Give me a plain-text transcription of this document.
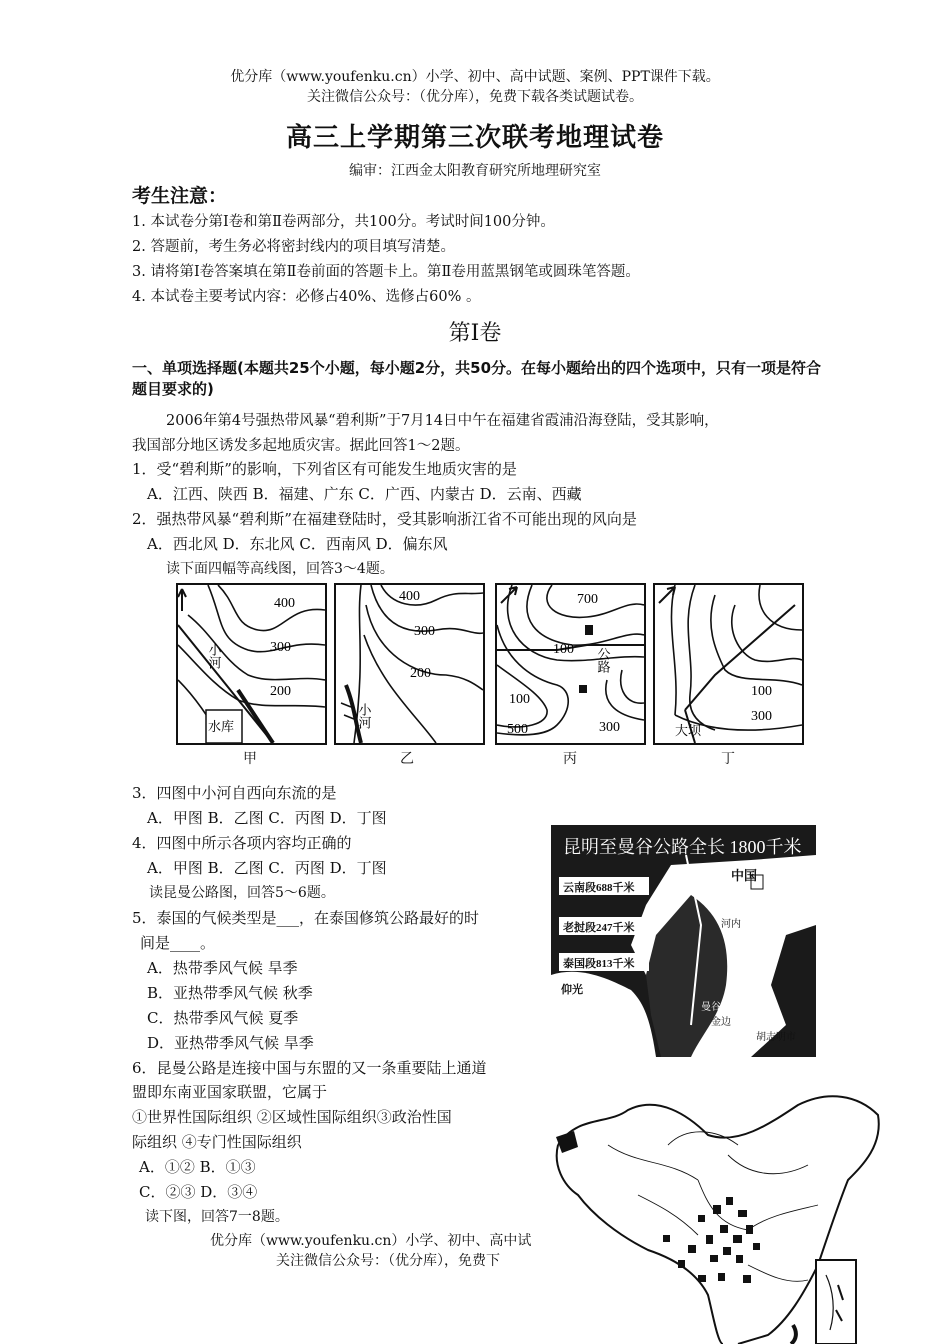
优分库（www.youfenku.cn）小学、初中、高中试题、案例、PPT课件下载。
关注微信公众号：（优分库），免费下载各类试题试卷。
高三上学期第三次联考地理试卷
编审：江西金太阳教育研究所地理研究室
考生注意：
1. 本试卷分第Ⅰ卷和第Ⅱ卷两部分，共100分。考试时间100分钟。
2. 答题前，考生务必将密封线内的项目填写清楚。
3. 请将第Ⅰ卷答案填在第Ⅱ卷前面的答题卡上。第Ⅱ卷用蓝黑钢笔或圆珠笔答题。
4. 本试卷主要考试内容：必修占40%、选修占60% 。
第Ⅰ卷
一、单项选择题(本题共25个小题，每小题2分，共50分。在每小题给出的四个选项中，只有一项是符合题目要求的)
2006年第4号强热带风暴“碧利斯”于7月14日中午在福建省霞浦沿海登陆，受其影响，
我国部分地区诱发多起地质灾害。据此回答1～2题。
1．受“碧利斯”的影响，下列省区有可能发生地质灾害的是
A．江西、陕西 B．福建、广东 C．广西、内蒙古 D．云南、西藏
2．强热带风暴“碧利斯”在福建登陆时，受其影响浙江省不可能出现的风向是
A．西北风 D．东北风 C．西南风 D．偏东风
读下面四幅等高线图，回答3～4题。
400
300
200
小河
水库
400
300
200
小河
700
100
100
500	300
公路
100
300
大坝
甲	乙	丙	丁
3．四图中小河自西向东流的是
A．甲图 B．乙图 C．丙图 D．丁图
4．四图中所示各项内容均正确的
A．甲图 B．乙图 C．丙图 D．丁图
读昆曼公路图，回答5～6题。
5．泰国的气候类型是___，在泰国修筑公路最好的时
间是____。
A．热带季风气候 旱季
B．亚热带季风气候 秋季
C．热带季风气候 夏季
D．亚热带季风气候 旱季
6．昆曼公路是连接中国与东盟的又一条重要陆上通道
盟即东南亚国家联盟，它属于
①世界性国际组织 ②区域性国际组织③政治性国
际组织 ④专门性国际组织
A．①② B．①③
C．②③ D．③④
读下图，回答7一8题。
昆明至曼谷公路全长 1800千米
云南段688千米
老挝段247千米
泰国段813千米
中国
河内
仰光
曼谷
金边
胡志明市
优分库（www.youfenku.cn）小学、初中、高中试
关注微信公众号：（优分库），免费下
